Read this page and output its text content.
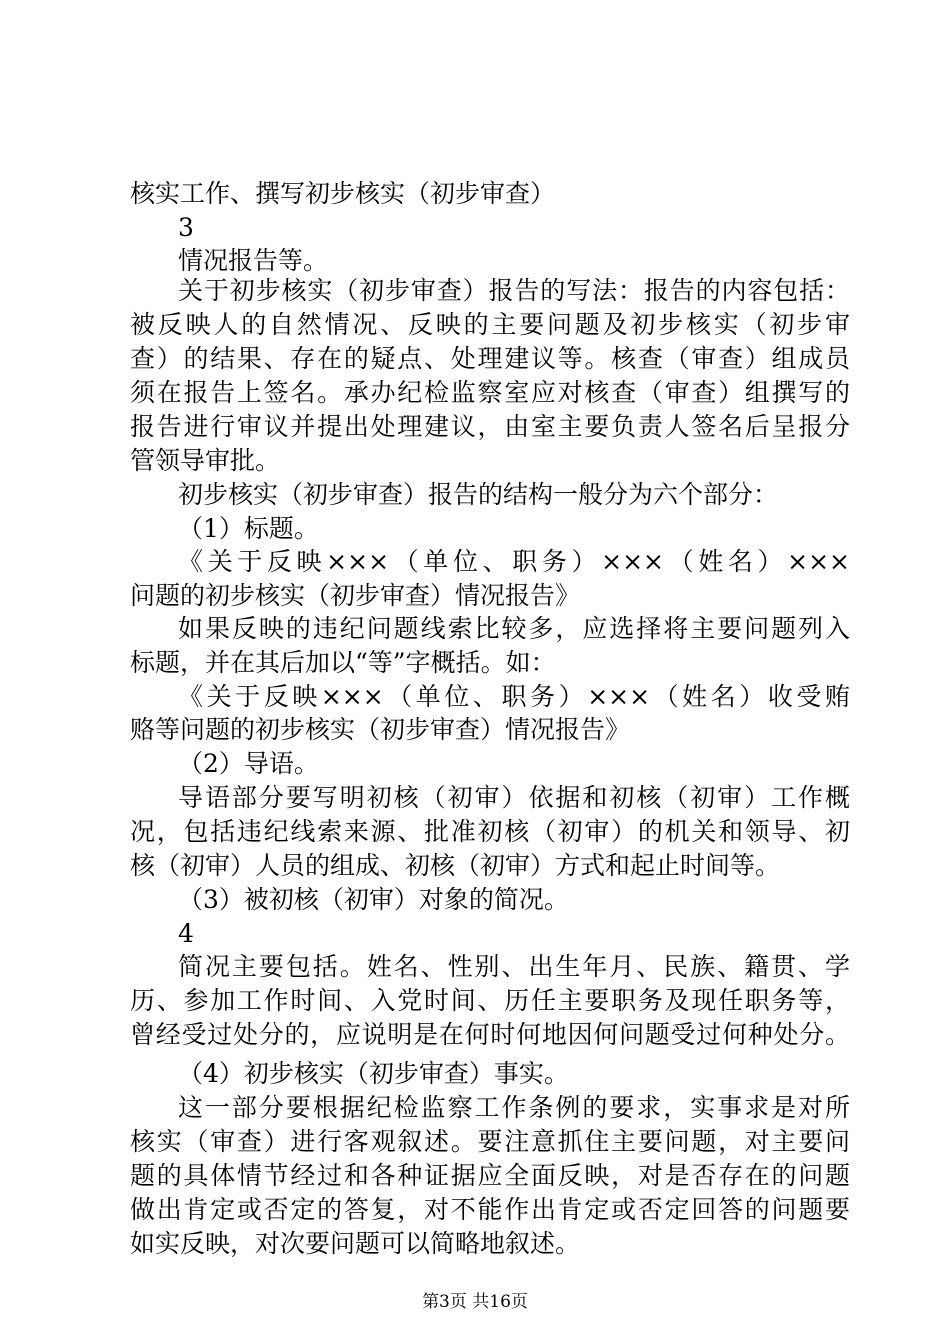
核实工作、撰写初步核实（初步审查）

3

情况报告等。

关于初步核实（初步审查）报告的写法：报告的内容包括：

被反映人的自然情况、反映的主要问题及初步核实（初步审

查）的结果、存在的疑点、处理建议等。核查（审查）组成员

须在报告上签名。承办纪检监察室应对核查（审查）组撰写的

报告进行审议并提出处理建议，由室主要负责人签名后呈报分

管领导审批。

初步核实（初步审查）报告的结构一般分为六个部分：

（1）标题。

《关于反映×××（单位、职务）×××（姓名）×××

问题的初步核实（初步审查）情况报告》

如果反映的违纪问题线索比较多，应选择将主要问题列入

标题，并在其后加以“等”字概括。如：

《关于反映×××（单位、职务）×××（姓名）收受贿

赂等问题的初步核实（初步审查）情况报告》

（2）导语。

导语部分要写明初核（初审）依据和初核（初审）工作概

况，包括违纪线索来源、批准初核（初审）的机关和领导、初

核（初审）人员的组成、初核（初审）方式和起止时间等。

（3）被初核（初审）对象的简况。

4

简况主要包括。姓名、性别、出生年月、民族、籍贯、学

历、参加工作时间、入党时间、历任主要职务及现任职务等，

曾经受过处分的，应说明是在何时何地因何问题受过何种处分。

（4）初步核实（初步审查）事实。

这一部分要根据纪检监察工作条例的要求，实事求是对所

核实（审查）进行客观叙述。要注意抓住主要问题，对主要问

题的具体情节经过和各种证据应全面反映，对是否存在的问题

做出肯定或否定的答复，对不能作出肯定或否定回答的问题要

如实反映，对次要问题可以简略地叙述。

第3页 共16页
